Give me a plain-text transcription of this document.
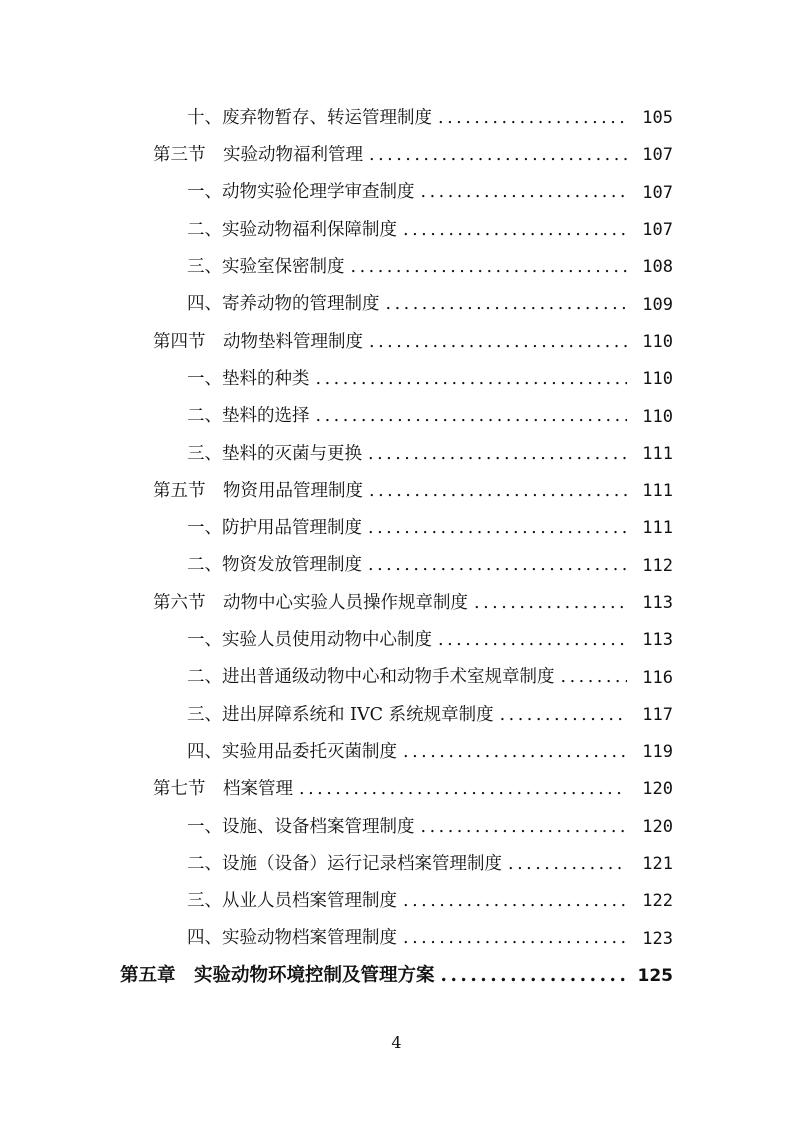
十、废弃物暂存、转运管理制度 .....	105
第三节　实验动物福利管理 .....	107
一、动物实验伦理学审查制度 .....	107
二、实验动物福利保障制度 .....	107
三、实验室保密制度 .....	108
四、寄养动物的管理制度 .....	109
第四节　动物垫料管理制度 .....	110
一、垫料的种类 .....	110
二、垫料的选择 .....	110
三、垫料的灭菌与更换 .....	111
第五节　物资用品管理制度 .....	111
一、防护用品管理制度 .....	111
二、物资发放管理制度 .....	112
第六节　动物中心实验人员操作规章制度 .....	113
一、实验人员使用动物中心制度 .....	113
二、进出普通级动物中心和动物手术室规章制度 .....	116
三、进出屏障系统和 IVC 系统规章制度 .....	117
四、实验用品委托灭菌制度 .....	119
第七节　档案管理 .....	120
一、设施、设备档案管理制度 .....	120
二、设施（设备）运行记录档案管理制度 .....	121
三、从业人员档案管理制度 .....	122
四、实验动物档案管理制度 .....	123
第五章　实验动物环境控制及管理方案 .....	125
4
